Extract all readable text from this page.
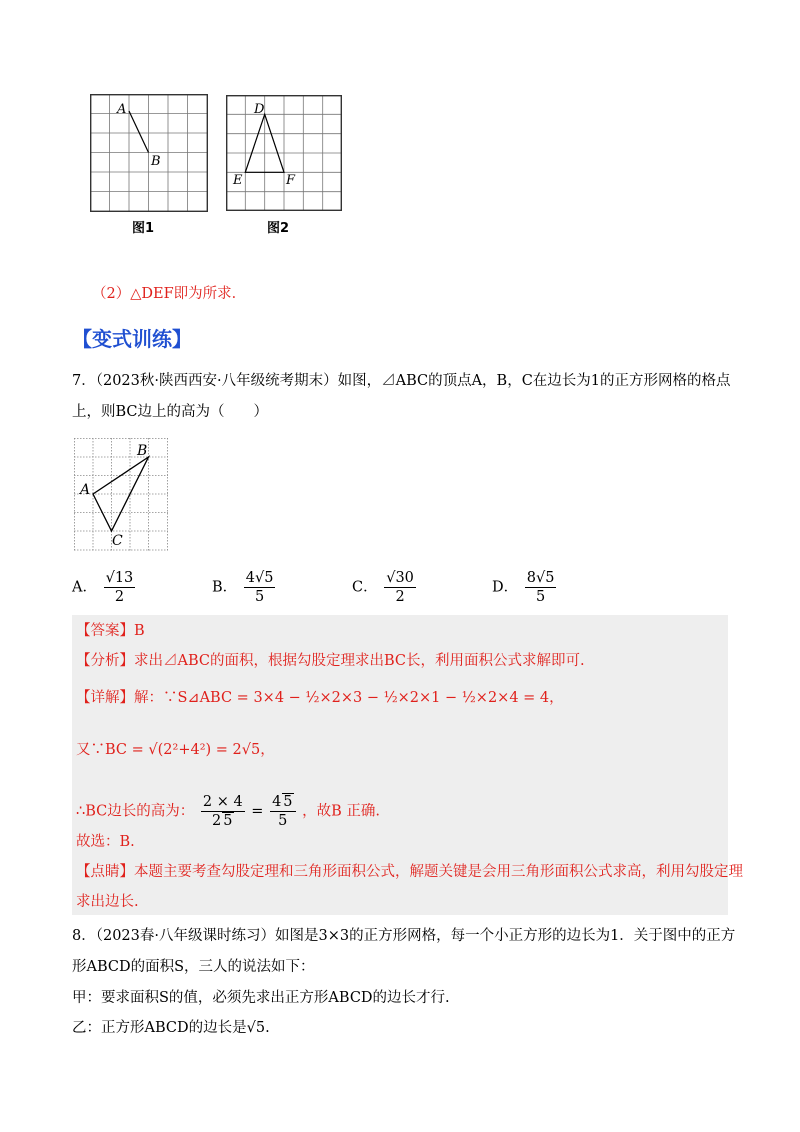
A
B
图1
D
E	F
图2
（2）△DEF即为所求．
【变式训练】
7．（2023秋·陕西西安·八年级统考期末）如图，⊿ABC的顶点A，B，C在边长为1的正方形网格的格点
上，则BC边上的高为（　　）
A
B
C
A． $\frac{√13}{2}$	B． $\frac{4√5}{5}$	C． $\frac{√30}{2}$	D． $\frac{8√5}{5}$
【答案】B
【分析】求出⊿ABC的面积，根据勾股定理求出BC长，利用面积公式求解即可.
【详解】解：∵S⊿ABC = 3×4 − ½×2×3 − ½×2×1 − ½×2×4 = 4，
又∵BC = √(2²+4²) = 2√5，
∴BC边长的高为： $\frac{2 \times 4}{2 5} = \frac{4 5}{5}$ ，故B 正确.
故选：B.
【点睛】本题主要考查勾股定理和三角形面积公式，解题关键是会用三角形面积公式求高，利用勾股定理
求出边长.
8．（2023春·八年级课时练习）如图是3×3的正方形网格，每一个小正方形的边长为1．关于图中的正方
形ABCD的面积S，三人的说法如下：
甲：要求面积S的值，必须先求出正方形ABCD的边长才行.
乙：正方形ABCD的边长是√5.
